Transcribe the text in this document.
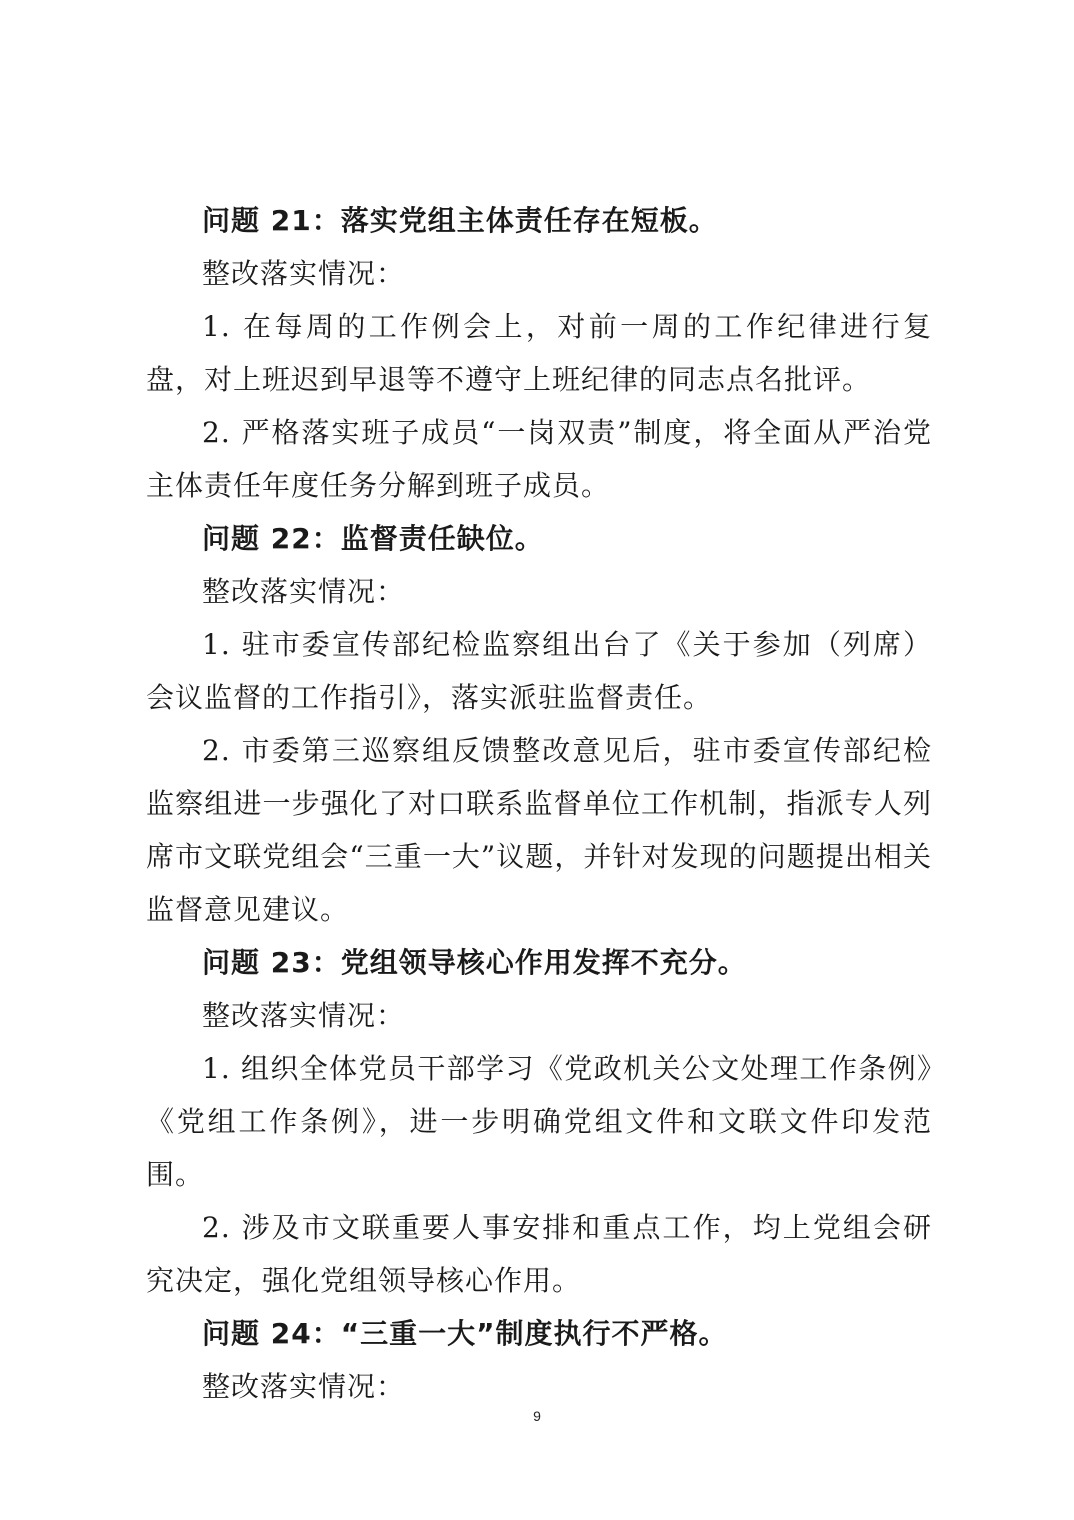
问题 21：落实党组主体责任存在短板。

整改落实情况：

1. 在每周的工作例会上，对前一周的工作纪律进行复盘，对上班迟到早退等不遵守上班纪律的同志点名批评。

2. 严格落实班子成员“一岗双责”制度，将全面从严治党主体责任年度任务分解到班子成员。

问题 22：监督责任缺位。

整改落实情况：

1. 驻市委宣传部纪检监察组出台了《关于参加（列席）会议监督的工作指引》，落实派驻监督责任。

2. 市委第三巡察组反馈整改意见后，驻市委宣传部纪检监察组进一步强化了对口联系监督单位工作机制，指派专人列席市文联党组会“三重一大”议题，并针对发现的问题提出相关监督意见建议。

问题 23：党组领导核心作用发挥不充分。

整改落实情况：

1. 组织全体党员干部学习《党政机关公文处理工作条例》《党组工作条例》，进一步明确党组文件和文联文件印发范围。

2. 涉及市文联重要人事安排和重点工作，均上党组会研究决定，强化党组领导核心作用。

问题 24：“三重一大”制度执行不严格。

整改落实情况：

9
